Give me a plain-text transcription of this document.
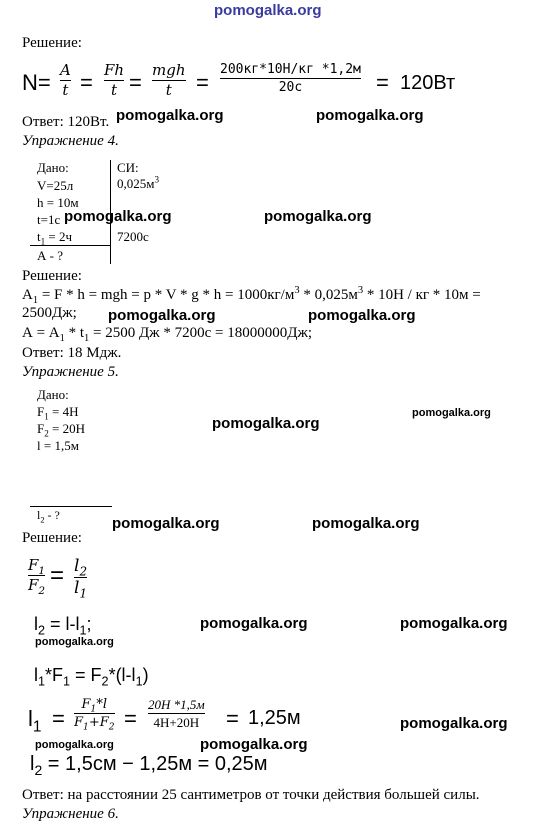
pomogalka.org
Решение:
N= A
t = Fh
t = mgh
t =
200кг*10Н/кг *1,2м
20с	= 120Вт
Ответ: 120Вт. pomogalka.org	pomogalka.org
Упражнение 4.
Дано:	СИ:
V=25л	$0,025м^3$
h = 10м
t=1с
$t_1 = 2ч$	7200с
А - ?
pomogalka.org	pomogalka.org
Решение:
$A_1 = F * h$ = mgh = $p * V * g * h = 1000кг/м^3 * 0,025м^3 * 10Н$ / кг * 10м =
2500Дж; pomogalka.org	pomogalka.org
$А = А_1 * t_1 = 2500$ Дж * 7200с = 18000000Дж;
Ответ: 18 Мдж.
Упражнение 5.
Дано:
$F_1 = 4Н$
$F_2 = 20Н$
l = 1,5м
pomogalka.org
pomogalka.org
$l_2$ - ?	pomogalka.org	pomogalka.org
Решение:
$F_1$
$F_2$
= $l_2$
$l_1$
$l_2 = l-l_1$;
pomogalka.org
pomogalka.org	pomogalka.org
$l_1*F_1 = F_2*(l-l_1)$
$l_1$ =
$F_1*l$
$F_1+F_2$ =
20Н *1,5м
4Н+20Н = 1,25м	pomogalka.org
pomogalka.org	pomogalka.org
$l_2 = 1,5см - 1,25м = 0,25м$
Ответ: на расстоянии 25 сантиметров от точки действия большей силы.
Упражнение 6.
